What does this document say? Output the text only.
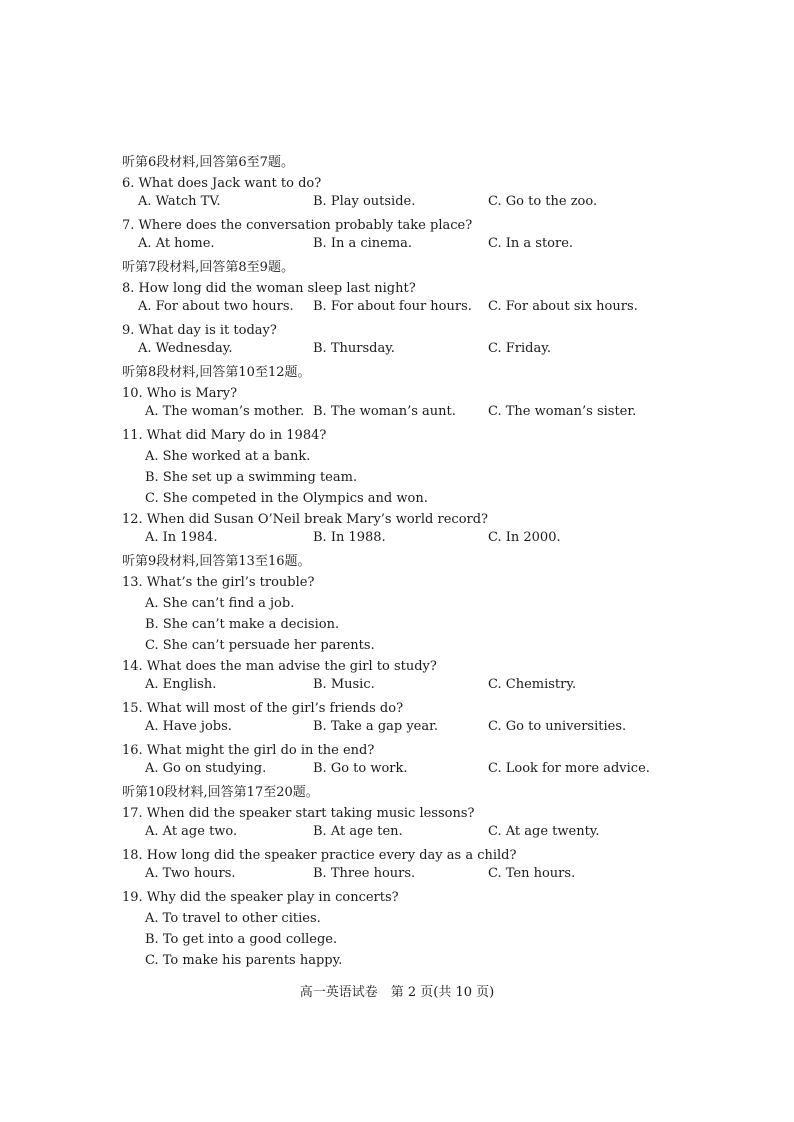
听第6段材料,回答第6至7题。
6. What does Jack want to do?
A. Watch TV.	B. Play outside.	C. Go to the zoo.
7. Where does the conversation probably take place?
A. At home.	B. In a cinema.	C. In a store.
听第7段材料,回答第8至9题。
8. How long did the woman sleep last night?
A. For about two hours. B. For about four hours. C. For about six hours.
9. What day is it today?
A. Wednesday.	B. Thursday.	C. Friday.
听第8段材料,回答第10至12题。
10. Who is Mary?
A. The woman’s mother. B. The woman’s aunt. C. The woman’s sister.
11. What did Mary do in 1984?
A. She worked at a bank.
B. She set up a swimming team.
C. She competed in the Olympics and won.
12. When did Susan O’Neil break Mary’s world record?
A. In 1984.	B. In 1988.	C. In 2000.
听第9段材料,回答第13至16题。
13. What’s the girl’s trouble?
A. She can’t find a job.
B. She can’t make a decision.
C. She can’t persuade her parents.
14. What does the man advise the girl to study?
A. English.	B. Music.	C. Chemistry.
15. What will most of the girl’s friends do?
A. Have jobs.	B. Take a gap year.	C. Go to universities.
16. What might the girl do in the end?
A. Go on studying.	B. Go to work.	C. Look for more advice.
听第10段材料,回答第17至20题。
17. When did the speaker start taking music lessons?
A. At age two.	B. At age ten.	C. At age twenty.
18. How long did the speaker practice every day as a child?
A. Two hours.	B. Three hours.	C. Ten hours.
19. Why did the speaker play in concerts?
A. To travel to other cities.
B. To get into a good college.
C. To make his parents happy.
高一英语试卷　第 2 页(共 10 页)
